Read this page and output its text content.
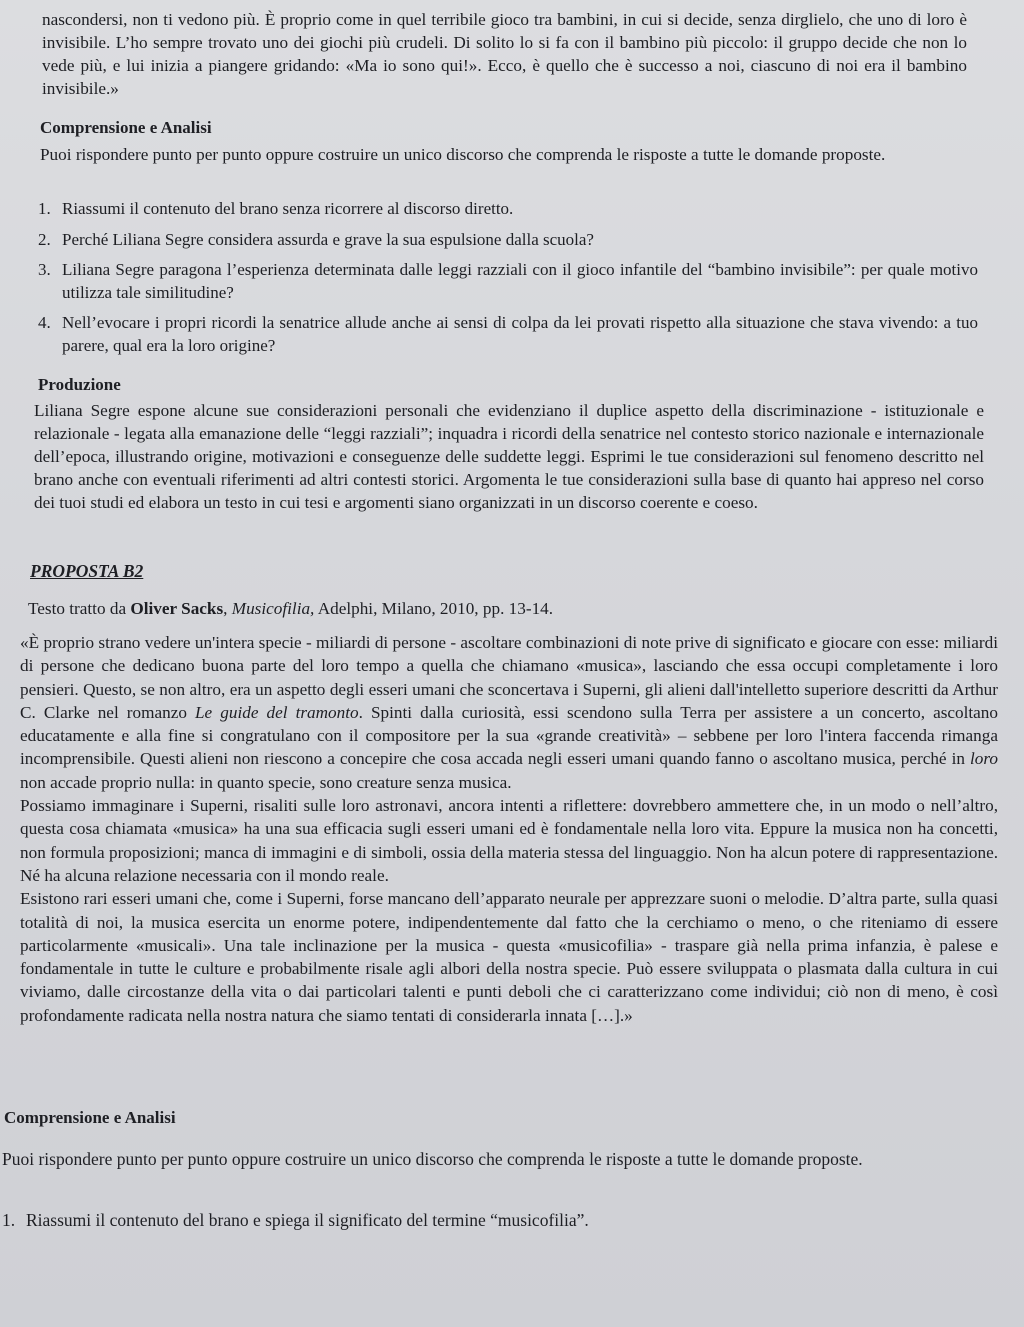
nascondersi, non ti vedono più. È proprio come in quel terribile gioco tra bambini, in cui si decide, senza dirglielo, che uno di loro è invisibile. L’ho sempre trovato uno dei giochi più crudeli. Di solito lo si fa con il bambino più piccolo: il gruppo decide che non lo vede più, e lui inizia a piangere gridando: «Ma io sono qui!». Ecco, è quello che è successo a noi, ciascuno di noi era il bambino invisibile.»

Comprensione e Analisi

Puoi rispondere punto per punto oppure costruire un unico discorso che comprenda le risposte a tutte le domande proposte.

1. Riassumi il contenuto del brano senza ricorrere al discorso diretto.
2. Perché Liliana Segre considera assurda e grave la sua espulsione dalla scuola?
3. Liliana Segre paragona l’esperienza determinata dalle leggi razziali con il gioco infantile del “bambino invisibile”: per quale motivo utilizza tale similitudine?
4. Nell’evocare i propri ricordi la senatrice allude anche ai sensi di colpa da lei provati rispetto alla situazione che stava vivendo: a tuo parere, qual era la loro origine?
Produzione

Liliana Segre espone alcune sue considerazioni personali che evidenziano il duplice aspetto della discriminazione - istituzionale e relazionale - legata alla emanazione delle “leggi razziali”; inquadra i ricordi della senatrice nel contesto storico nazionale e internazionale dell’epoca, illustrando origine, motivazioni e conseguenze delle suddette leggi. Esprimi le tue considerazioni sul fenomeno descritto nel brano anche con eventuali riferimenti ad altri contesti storici. Argomenta le tue considerazioni sulla base di quanto hai appreso nel corso dei tuoi studi ed elabora un testo in cui tesi e argomenti siano organizzati in un discorso coerente e coeso.

PROPOSTA B2
Testo tratto da Oliver Sacks, Musicofilia, Adelphi, Milano, 2010, pp. 13-14.

«È proprio strano vedere un'intera specie - miliardi di persone - ascoltare combinazioni di note prive di significato e giocare con esse: miliardi di persone che dedicano buona parte del loro tempo a quella che chiamano «musica», lasciando che essa occupi completamente i loro pensieri. Questo, se non altro, era un aspetto degli esseri umani che sconcertava i Superni, gli alieni dall'intelletto superiore descritti da Arthur C. Clarke nel romanzo Le guide del tramonto. Spinti dalla curiosità, essi scendono sulla Terra per assistere a un concerto, ascoltano educatamente e alla fine si congratulano con il compositore per la sua «grande creatività» – sebbene per loro l'intera faccenda rimanga incomprensibile. Questi alieni non riescono a concepire che cosa accada negli esseri umani quando fanno o ascoltano musica, perché in loro non accade proprio nulla: in quanto specie, sono creature senza musica.

Possiamo immaginare i Superni, risaliti sulle loro astronavi, ancora intenti a riflettere: dovrebbero ammettere che, in un modo o nell’altro, questa cosa chiamata «musica» ha una sua efficacia sugli esseri umani ed è fondamentale nella loro vita. Eppure la musica non ha concetti, non formula proposizioni; manca di immagini e di simboli, ossia della materia stessa del linguaggio. Non ha alcun potere di rappresentazione. Né ha alcuna relazione necessaria con il mondo reale.

Esistono rari esseri umani che, come i Superni, forse mancano dell’apparato neurale per apprezzare suoni o melodie. D’altra parte, sulla quasi totalità di noi, la musica esercita un enorme potere, indipendentemente dal fatto che la cerchiamo o meno, o che riteniamo di essere particolarmente «musicali». Una tale inclinazione per la musica - questa «musicofilia» - traspare già nella prima infanzia, è palese e fondamentale in tutte le culture e probabilmente risale agli albori della nostra specie. Può essere sviluppata o plasmata dalla cultura in cui viviamo, dalle circostanze della vita o dai particolari talenti e punti deboli che ci caratterizzano come individui; ciò non di meno, è così profondamente radicata nella nostra natura che siamo tentati di considerarla innata […].»

Comprensione e Analisi

Puoi rispondere punto per punto oppure costruire un unico discorso che comprenda le risposte a tutte le domande proposte.

1. Riassumi il contenuto del brano e spiega il significato del termine “musicofilia”.
